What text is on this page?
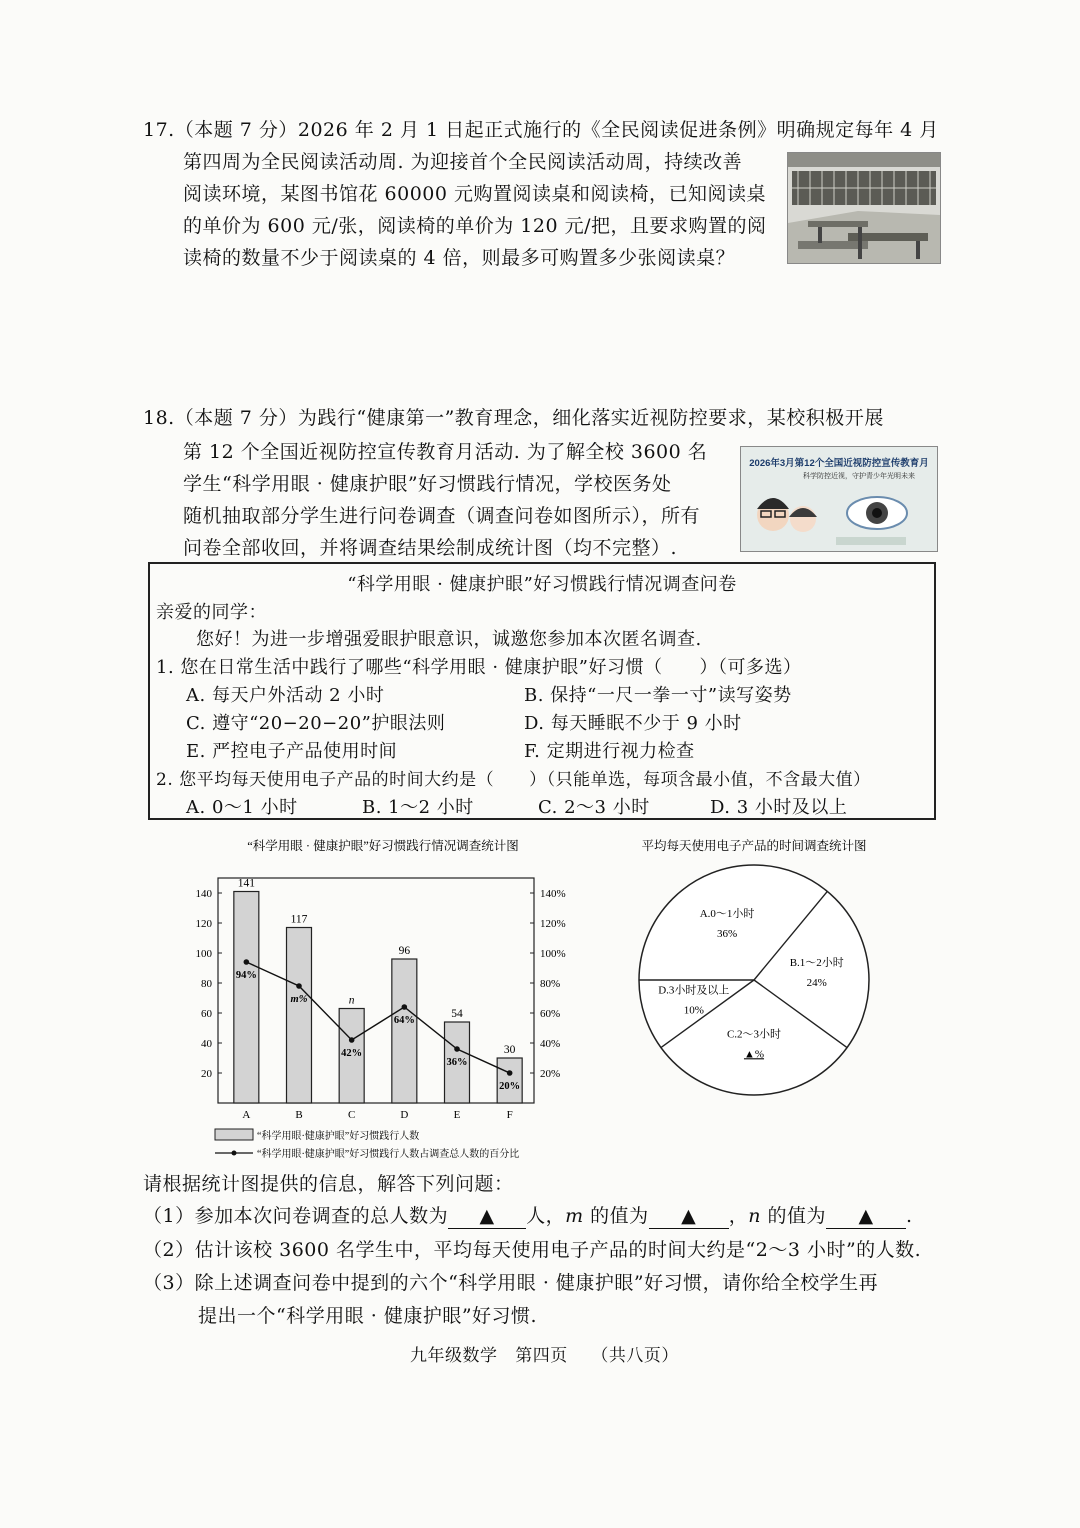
17.（本题 7 分）2026 年 2 月 1 日起正式施行的《全民阅读促进条例》明确规定每年 4 月
第四周为全民阅读活动周. 为迎接首个全民阅读活动周，持续改善
阅读环境，某图书馆花 60000 元购置阅读桌和阅读椅，已知阅读桌
的单价为 600 元/张，阅读椅的单价为 120 元/把，且要求购置的阅
读椅的数量不少于阅读桌的 4 倍，则最多可购置多少张阅读桌？
18.（本题 7 分）为践行“健康第一”教育理念，细化落实近视防控要求，某校积极开展
第 12 个全国近视防控宣传教育月活动. 为了解全校 3600 名
学生“科学用眼 · 健康护眼”好习惯践行情况，学校医务处
随机抽取部分学生进行问卷调查（调查问卷如图所示），所有
问卷全部收回，并将调查结果绘制成统计图（均不完整）.
2026年3月第12个全国近视防控宣传教育月
科学防控近视，守护青少年光明未来
“科学用眼 · 健康护眼”好习惯践行情况调查问卷
亲爱的同学：
您好！为进一步增强爱眼护眼意识，诚邀您参加本次匿名调查.
1. 您在日常生活中践行了哪些“科学用眼 · 健康护眼”好习惯（　　）（可多选）
A. 每天户外活动 2 小时	B. 保持“一尺一拳一寸”读写姿势
C. 遵守“20−20−20”护眼法则	D. 每天睡眠不少于 9 小时
E. 严控电子产品使用时间	F. 定期进行视力检查
2. 您平均每天使用电子产品的时间大约是（　　）（只能单选，每项含最小值，不含最大值）
A. 0～1 小时	B. 1～2 小时	C. 2～3 小时	D. 3 小时及以上
“科学用眼 · 健康护眼”好习惯践行情况调查统计图
20
40
60
80
100
120
140
20%
40%
60%
80%
100%
120%
140%
141
A
117
B
n
C
96
D
54
E
30
F
94%
m%
42%
64%
36%
20%
“科学用眼·健康护眼”好习惯践行人数
“科学用眼·健康护眼”好习惯践行人数占调查总人数的百分比
平均每天使用电子产品的时间调查统计图
A.0～1小时
36%
B.1～2小时
24%
C.2～3小时
▲%
D.3小时及以上
10%
请根据统计图提供的信息，解答下列问题：
（1）参加本次问卷调查的总人数为 ▲ 人，m 的值为 ▲ ，n 的值为 ▲ .
（2）估计该校 3600 名学生中，平均每天使用电子产品的时间大约是“2～3 小时”的人数.
（3）除上述调查问卷中提到的六个“科学用眼 · 健康护眼”好习惯，请你给全校学生再
提出一个“科学用眼 · 健康护眼”好习惯.
九年级数学 第四页 （共八页）
